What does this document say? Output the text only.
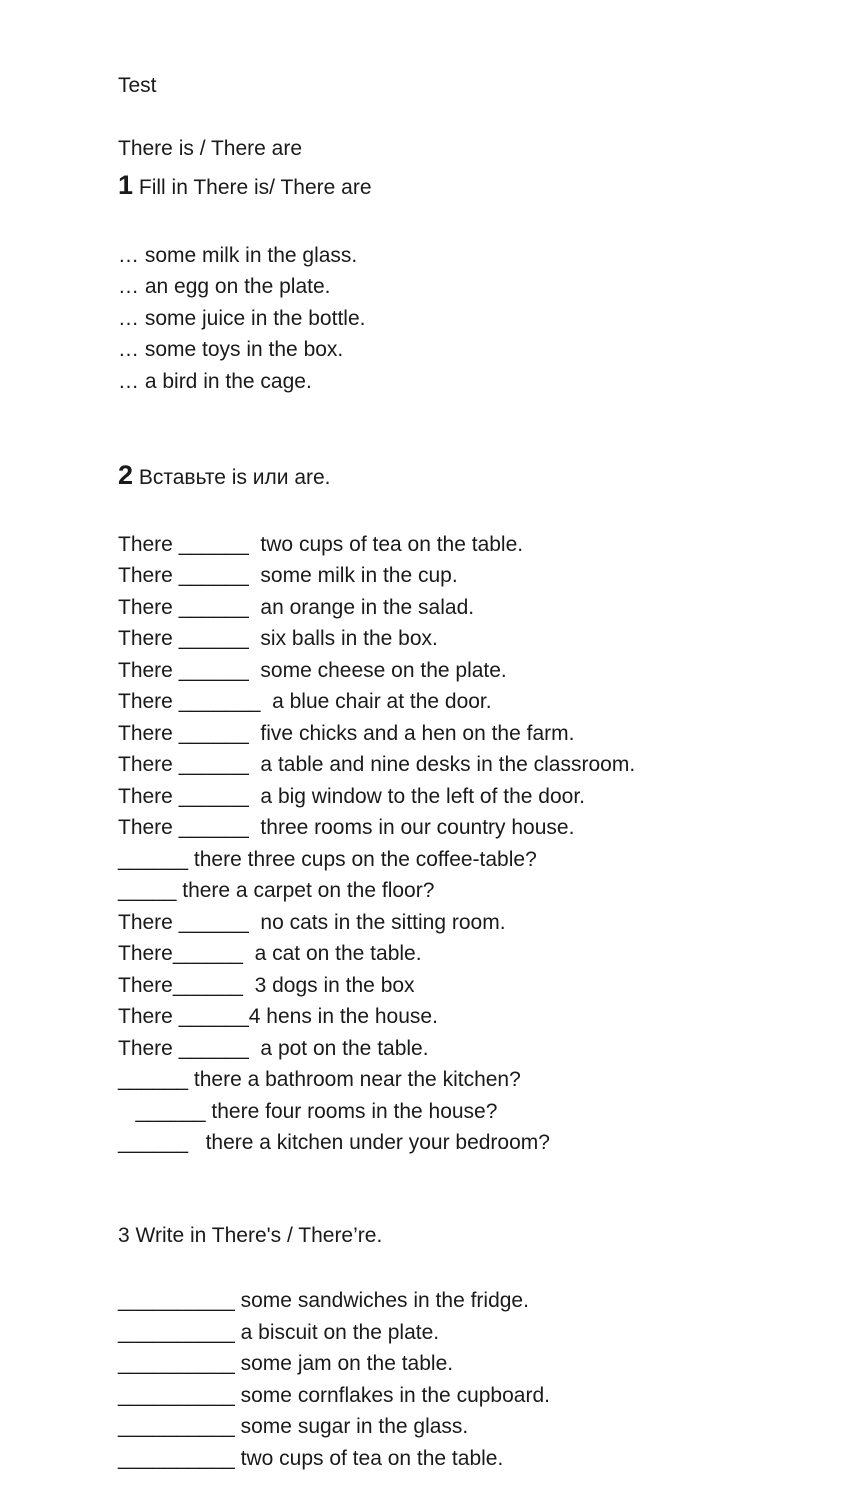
Test
There is / There are
1 Fill in There is/ There are
… some milk in the glass.
… an egg on the plate.
… some juice in the bottle.
… some toys in the box.
… a bird in the cage.
2 Вставьте is или are.
There ______  two cups of tea on the table.
There ______  some milk in the cup.
There ______  an orange in the salad.
There ______  six balls in the box.
There ______  some cheese on the plate.
There _______  a blue chair at the door.
There ______  five chicks and a hen on the farm.
There ______  a table and nine desks in the classroom.
There ______  a big window to the left of the door.
There ______  three rooms in our country house.
______ there three cups on the coffee-table?
_____ there a carpet on the floor?
There ______  no cats in the sitting room.
There______  a cat on the table.
There______  3 dogs in the box
There ______4 hens in the house.
There ______  a pot on the table.
______ there a bathroom near the kitchen?
______ there four rooms in the house?
______   there a kitchen under your bedroom?
3 Write in There's / There’re.
__________ some sandwiches in the fridge.
__________ a biscuit on the plate.
__________ some jam on the table.
__________ some cornflakes in the cupboard.
__________ some sugar in the glass.
__________ two cups of tea on the table.
